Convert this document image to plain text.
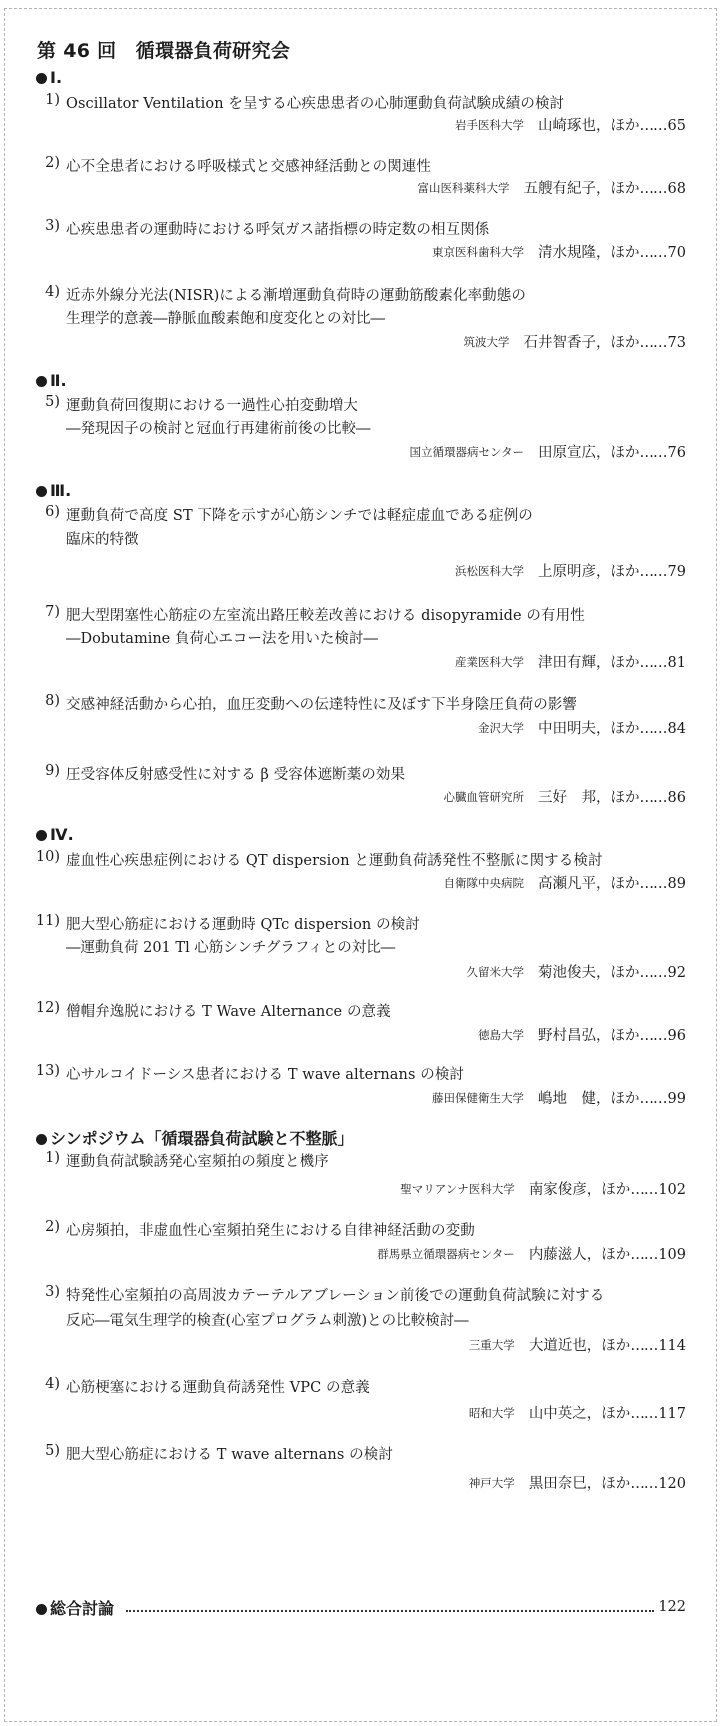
第 46 回　循環器負荷研究会
Ⅰ.
1) Oscillator Ventilation を呈する心疾患患者の心肺運動負荷試験成績の検討
岩手医科大学 山崎琢也，ほか……65
2) 心不全患者における呼吸様式と交感神経活動との関連性
富山医科薬科大学 五艘有紀子，ほか……68
3) 心疾患患者の運動時における呼気ガス諸指標の時定数の相互関係
東京医科歯科大学 清水規隆，ほか……70
4) 近赤外線分光法(NISR)による漸増運動負荷時の運動筋酸素化率動態の
生理学的意義―静脈血酸素飽和度変化との対比―
筑波大学 石井智香子，ほか……73
Ⅱ.
5) 運動負荷回復期における一過性心拍変動増大
―発現因子の検討と冠血行再建術前後の比較―
国立循環器病センター 田原宣広，ほか……76
Ⅲ.
6) 運動負荷で高度 ST 下降を示すが心筋シンチでは軽症虚血である症例の
臨床的特徴
浜松医科大学 上原明彦，ほか……79
7) 肥大型閉塞性心筋症の左室流出路圧較差改善における disopyramide の有用性
―Dobutamine 負荷心エコー法を用いた検討―
産業医科大学 津田有輝，ほか……81
8) 交感神経活動から心拍，血圧変動への伝達特性に及ぼす下半身陰圧負荷の影響
金沢大学 中田明夫，ほか……84
9) 圧受容体反射感受性に対する β 受容体遮断薬の効果
心臓血管研究所 三好　邦，ほか……86
Ⅳ.
10) 虚血性心疾患症例における QT dispersion と運動負荷誘発性不整脈に関する検討
自衛隊中央病院 高瀬凡平，ほか……89
11) 肥大型心筋症における運動時 QTc dispersion の検討
―運動負荷 201 Tl 心筋シンチグラフィとの対比―
久留米大学 菊池俊夫，ほか……92
12) 僧帽弁逸脱における T Wave Alternance の意義
徳島大学 野村昌弘，ほか……96
13) 心サルコイドーシス患者における T wave alternans の検討
藤田保健衛生大学 嶋地　健，ほか……99
シンポジウム「循環器負荷試験と不整脈」
1) 運動負荷試験誘発心室頻拍の頻度と機序
聖マリアンナ医科大学 南家俊彦，ほか……102
2) 心房頻拍，非虚血性心室頻拍発生における自律神経活動の変動
群馬県立循環器病センター 内藤滋人，ほか……109
3) 特発性心室頻拍の高周波カテーテルアブレーション前後での運動負荷試験に対する
反応―電気生理学的検査(心室プログラム刺激)との比較検討―
三重大学 大道近也，ほか……114
4) 心筋梗塞における運動負荷誘発性 VPC の意義
昭和大学 山中英之，ほか……117
5) 肥大型心筋症における T wave alternans の検討
神戸大学 黒田奈巳，ほか……120
総合討論	122
